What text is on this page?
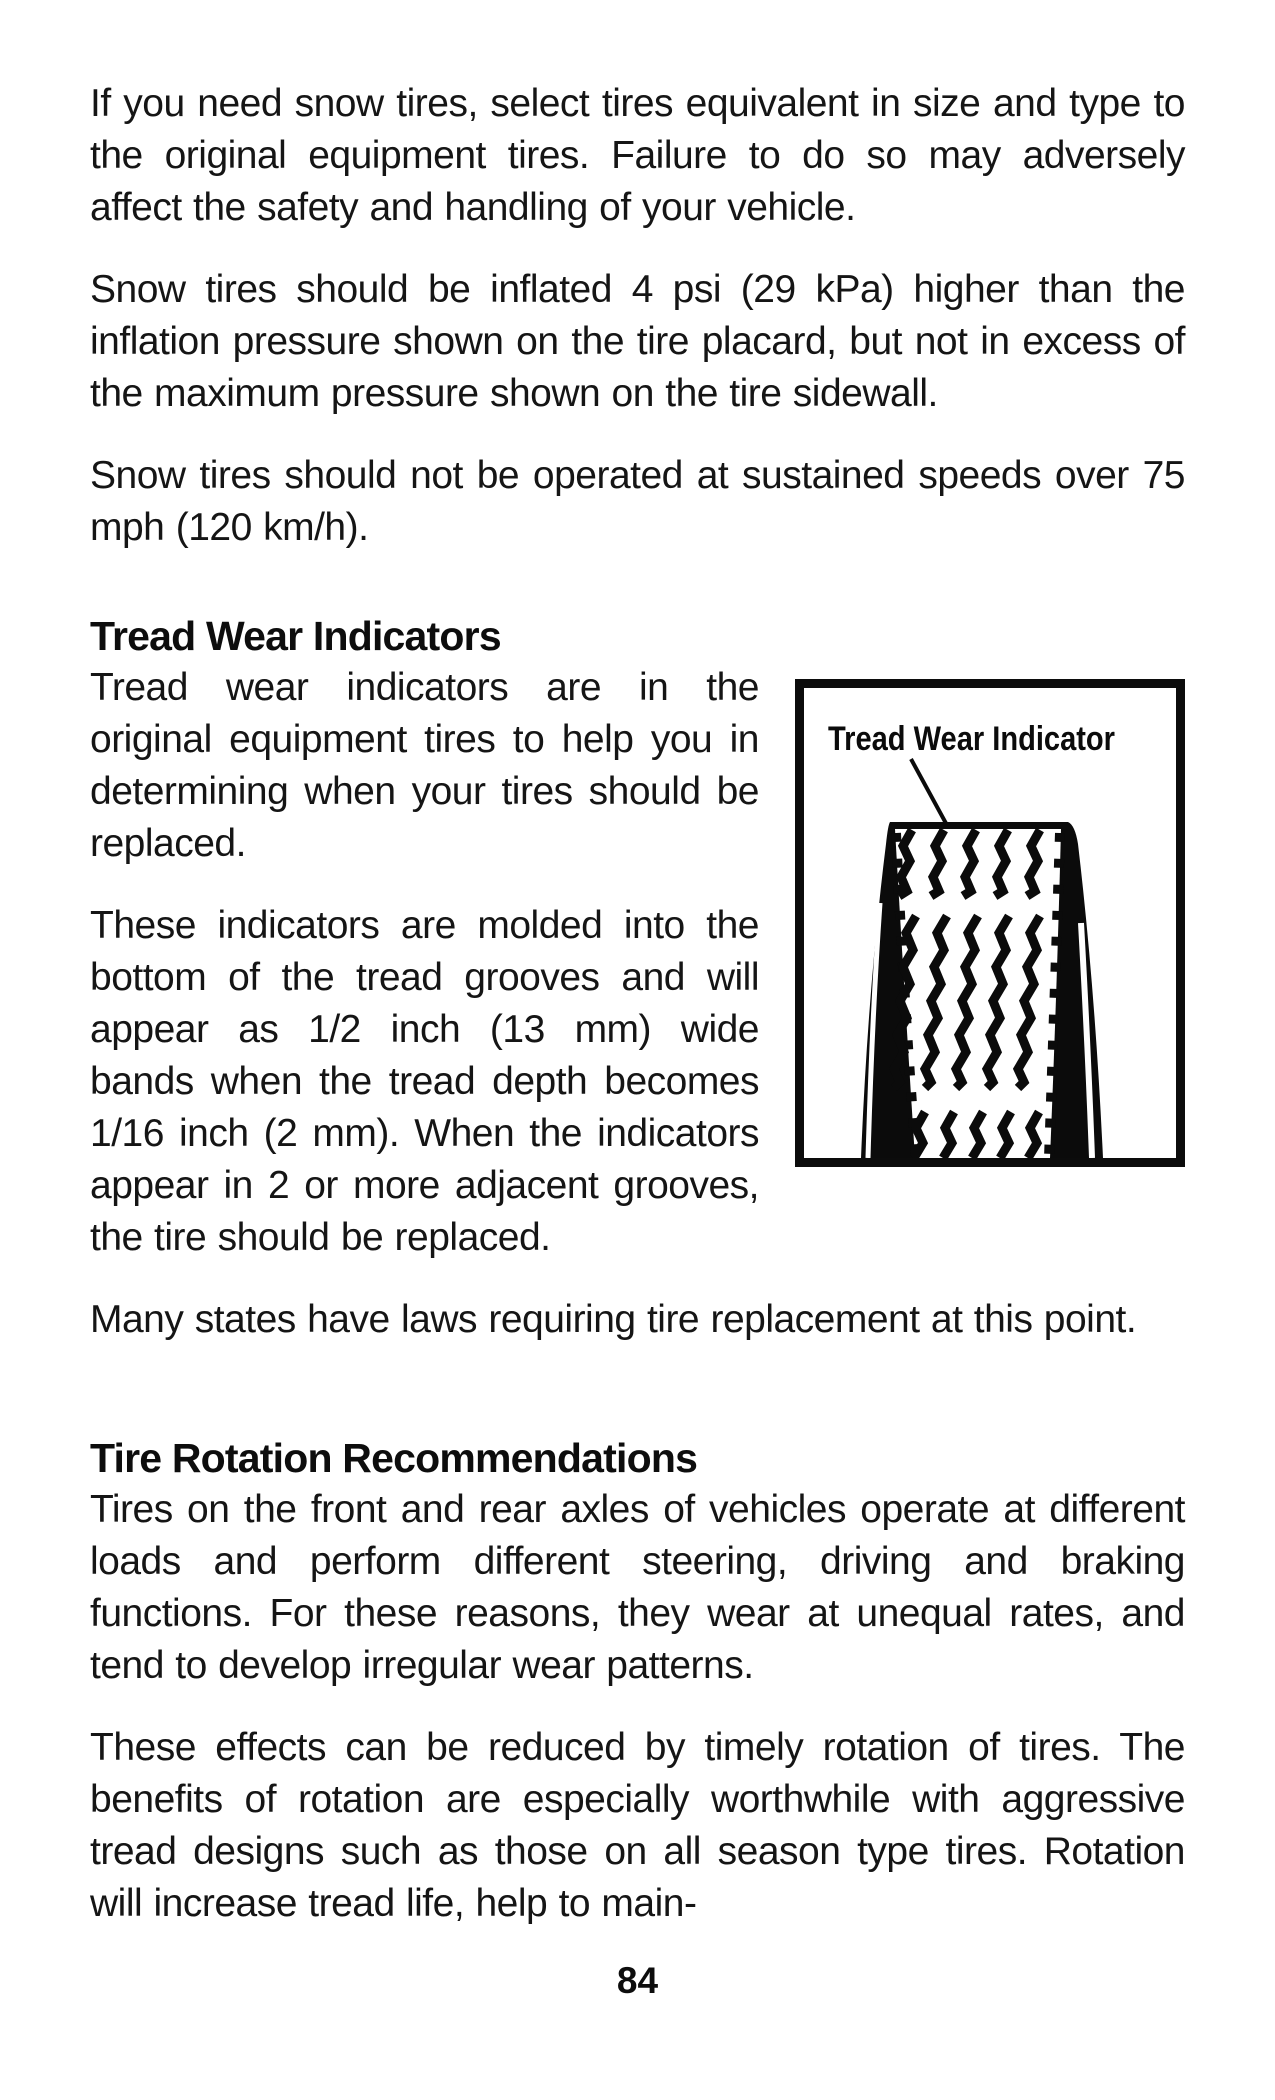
If you need snow tires, select tires equivalent in size and type to the original equipment tires. Failure to do so may adversely affect the safety and handling of your vehicle.

Snow tires should be inflated 4 psi (29 kPa) higher than the inflation pressure shown on the tire placard, but not in excess of the maximum pressure shown on the tire sidewall.

Snow tires should not be operated at sustained speeds over 75 mph (120 km/h).

Tread Wear Indicators
Tread Wear Indicator

Tread wear indicators are in the original equipment tires to help you in determining when your tires should be replaced.

These indicators are molded into the bottom of the tread grooves and will appear as 1/2 inch (13 mm) wide bands when the tread depth becomes 1/16 inch (2 mm). When the indicators appear in 2 or more adjacent grooves, the tire should be replaced.

Many states have laws requiring tire replacement at this point.

Tire Rotation Recommendations

Tires on the front and rear axles of vehicles operate at different loads and perform different steering, driving and braking functions. For these reasons, they wear at unequal rates, and tend to develop irregular wear patterns.

These effects can be reduced by timely rotation of tires. The benefits of rotation are especially worthwhile with aggressive tread designs such as those on all season type tires. Rotation will increase tread life, help to main-

84
